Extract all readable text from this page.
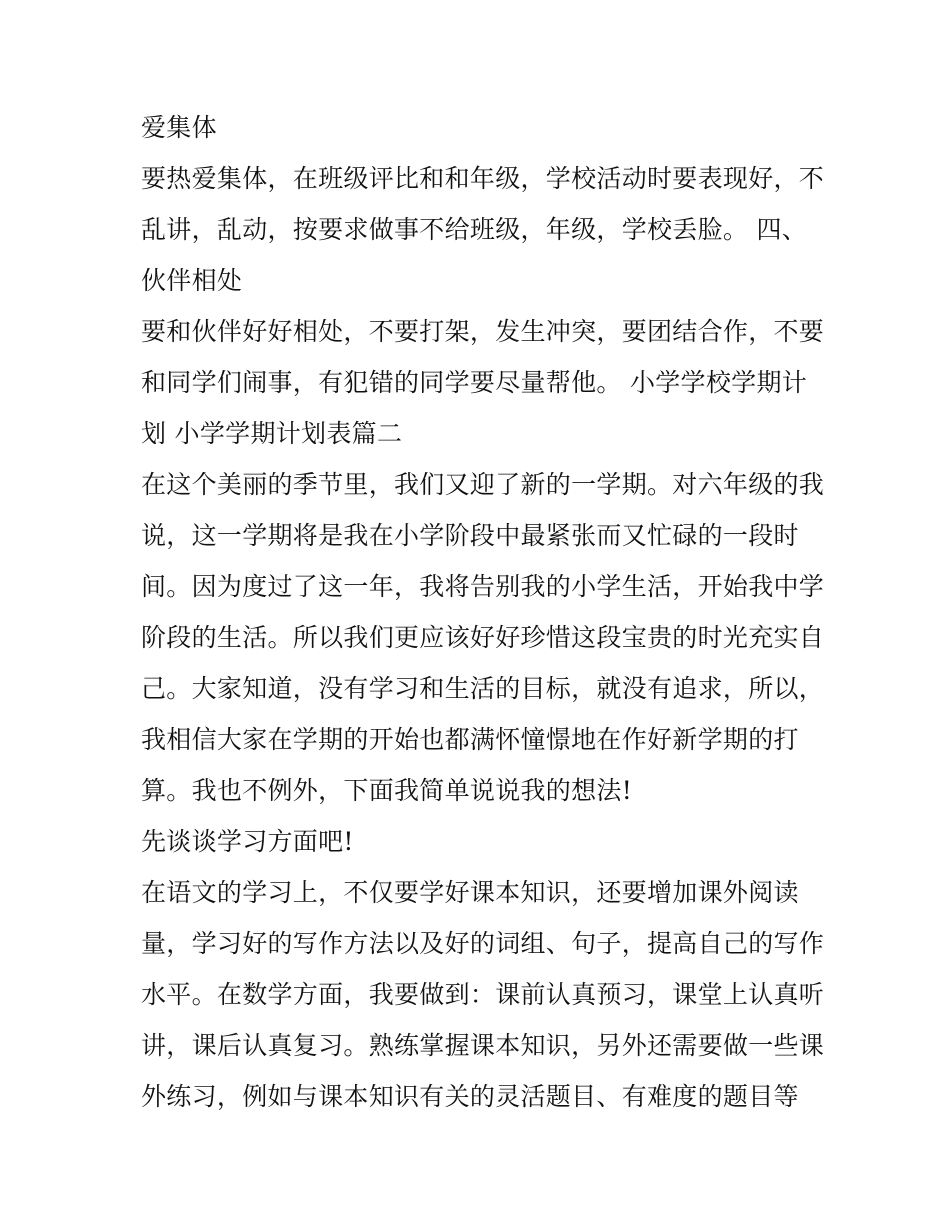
爱集体
要热爱集体，在班级评比和和年级，学校活动时要表现好，不
乱讲，乱动，按要求做事不给班级，年级，学校丢脸。 四、
伙伴相处
要和伙伴好好相处，不要打架，发生冲突，要团结合作，不要
和同学们闹事，有犯错的同学要尽量帮他。 小学学校学期计
划 小学学期计划表篇二
在这个美丽的季节里，我们又迎了新的一学期。对六年级的我
说，这一学期将是我在小学阶段中最紧张而又忙碌的一段时
间。因为度过了这一年，我将告别我的小学生活，开始我中学
阶段的生活。所以我们更应该好好珍惜这段宝贵的时光充实自
己。大家知道，没有学习和生活的目标，就没有追求，所以，
我相信大家在学期的开始也都满怀憧憬地在作好新学期的打
算。我也不例外，下面我简单说说我的想法!
先谈谈学习方面吧!
在语文的学习上，不仅要学好课本知识，还要增加课外阅读
量，学习好的写作方法以及好的词组、句子，提高自己的写作
水平。在数学方面，我要做到：课前认真预习，课堂上认真听
讲，课后认真复习。熟练掌握课本知识，另外还需要做一些课
外练习，例如与课本知识有关的灵活题目、有难度的题目等
